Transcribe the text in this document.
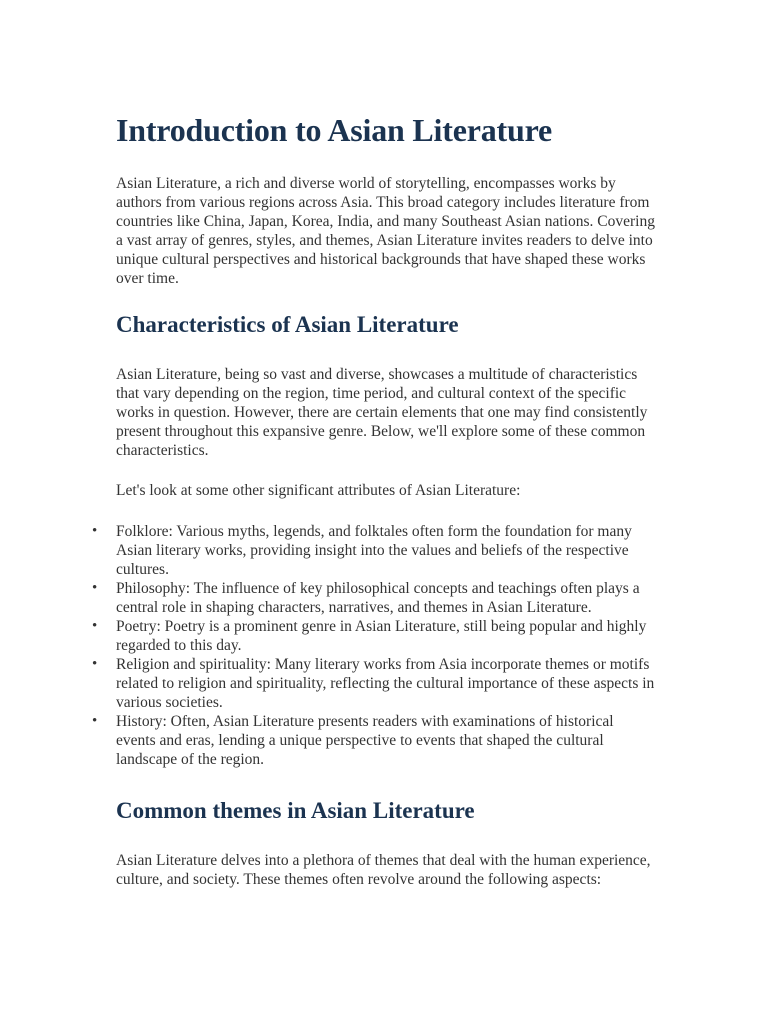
Introduction to Asian Literature

Asian Literature, a rich and diverse world of storytelling, encompasses works by authors from various regions across Asia. This broad category includes literature from countries like China, Japan, Korea, India, and many Southeast Asian nations. Covering a vast array of genres, styles, and themes, Asian Literature invites readers to delve into unique cultural perspectives and historical backgrounds that have shaped these works over time.

Characteristics of Asian Literature

Asian Literature, being so vast and diverse, showcases a multitude of characteristics that vary depending on the region, time period, and cultural context of the specific works in question. However, there are certain elements that one may find consistently present throughout this expansive genre. Below, we'll explore some of these common characteristics.

Let's look at some other significant attributes of Asian Literature:

• Folklore: Various myths, legends, and folktales often form the foundation for many Asian literary works, providing insight into the values and beliefs of the respective cultures.
• Philosophy: The influence of key philosophical concepts and teachings often plays a central role in shaping characters, narratives, and themes in Asian Literature.
• Poetry: Poetry is a prominent genre in Asian Literature, still being popular and highly regarded to this day.
• Religion and spirituality: Many literary works from Asia incorporate themes or motifs related to religion and spirituality, reflecting the cultural importance of these aspects in various societies.
• History: Often, Asian Literature presents readers with examinations of historical events and eras, lending a unique perspective to events that shaped the cultural landscape of the region.
Common themes in Asian Literature

Asian Literature delves into a plethora of themes that deal with the human experience, culture, and society. These themes often revolve around the following aspects:
